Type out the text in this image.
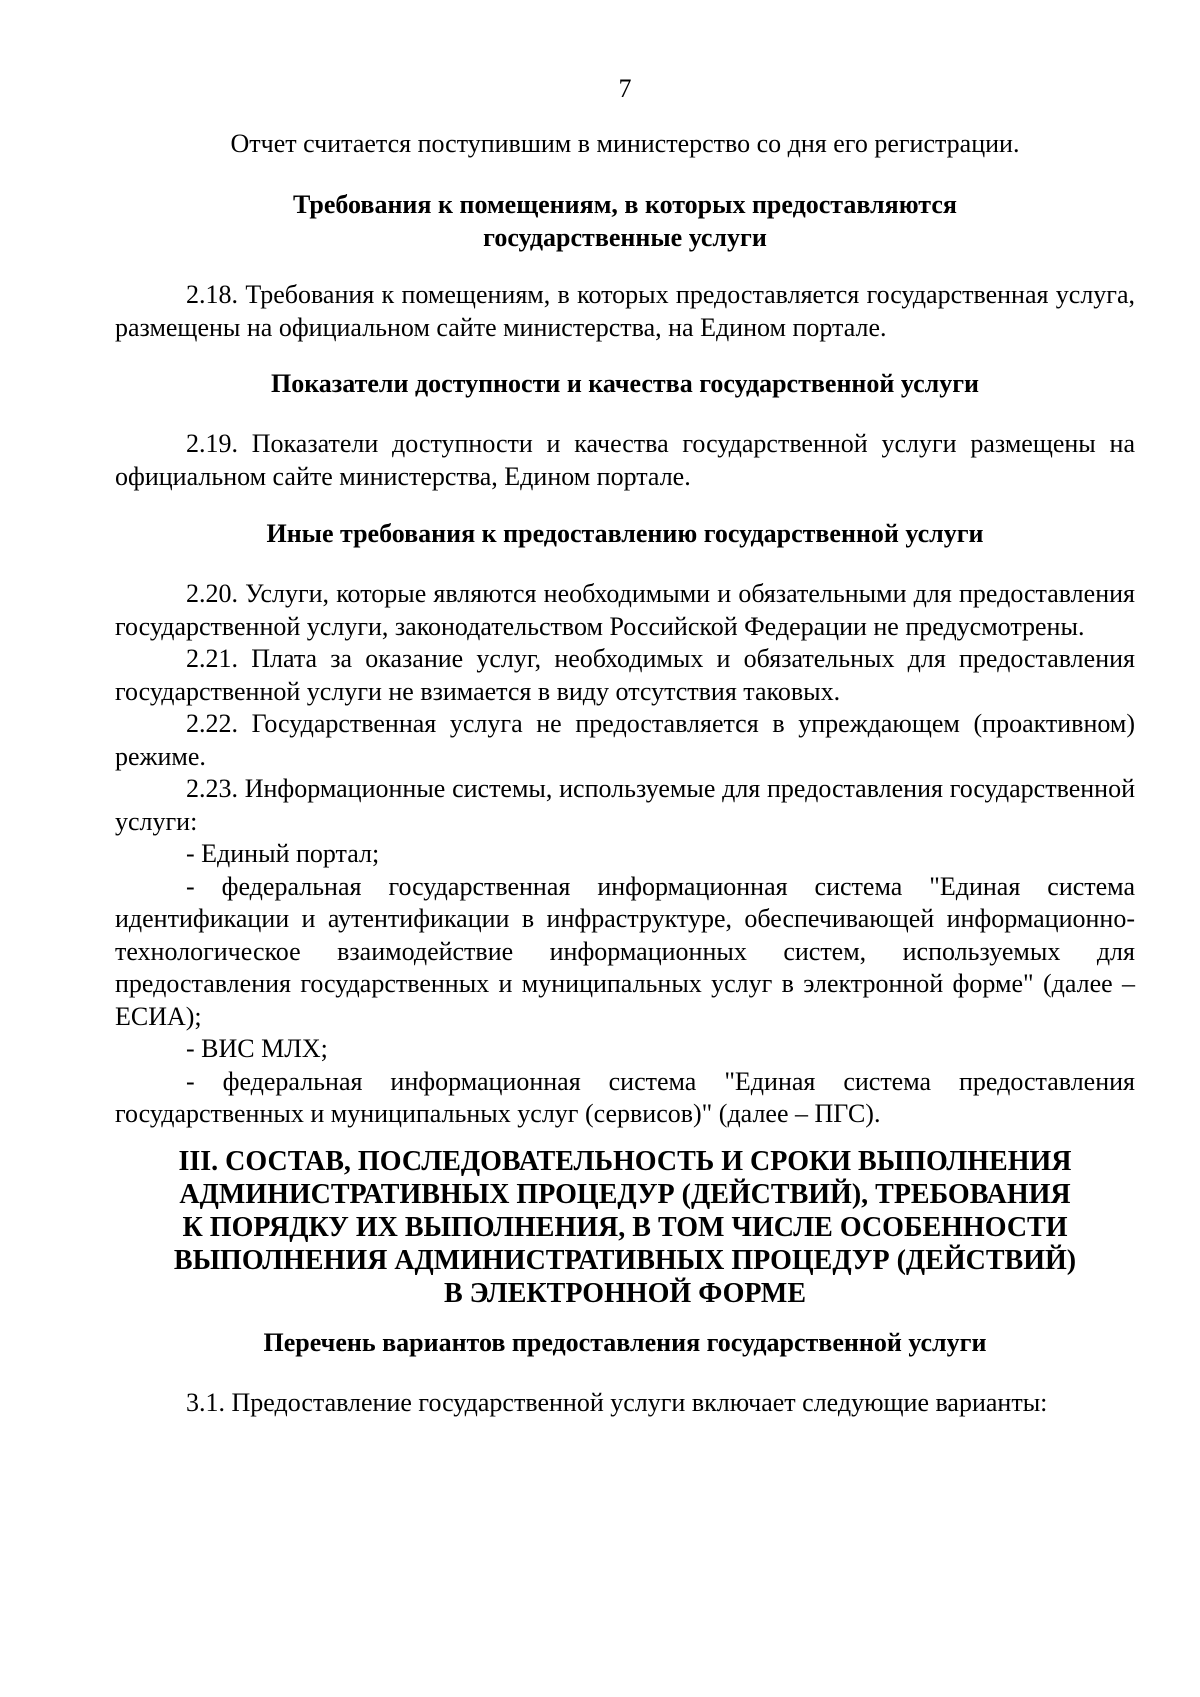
7

Отчет считается поступившим в министерство со дня его регистрации.

Требования к помещениям, в которых предоставляются

государственные услуги

2.18. Требования к помещениям, в которых предоставляется государственная услуга, размещены на официальном сайте министерства, на Едином портале.

Показатели доступности и качества государственной услуги

2.19. Показатели доступности и качества государственной услуги размещены на официальном сайте министерства, Едином портале.

Иные требования к предоставлению государственной услуги

2.20. Услуги, которые являются необходимыми и обязательными для предоставления государственной услуги, законодательством Российской Федерации не предусмотрены.

2.21. Плата за оказание услуг, необходимых и обязательных для предоставления государственной услуги не взимается в виду отсутствия таковых.

2.22. Государственная услуга не предоставляется в упреждающем (проактивном) режиме.

2.23. Информационные системы, используемые для предоставления государственной услуги:

- Единый портал;

- федеральная государственная информационная система "Единая система идентификации и аутентификации в инфраструктуре, обеспечивающей информационно-технологическое взаимодействие информационных систем, используемых для предоставления государственных и муниципальных услуг в электронной форме" (далее – ЕСИА);

- ВИС МЛХ;

- федеральная информационная система "Единая система предоставления государственных и муниципальных услуг (сервисов)" (далее – ПГС).

III. СОСТАВ, ПОСЛЕДОВАТЕЛЬНОСТЬ И СРОКИ ВЫПОЛНЕНИЯ
АДМИНИСТРАТИВНЫХ ПРОЦЕДУР (ДЕЙСТВИЙ), ТРЕБОВАНИЯ
К ПОРЯДКУ ИХ ВЫПОЛНЕНИЯ, В ТОМ ЧИСЛЕ ОСОБЕННОСТИ
ВЫПОЛНЕНИЯ АДМИНИСТРАТИВНЫХ ПРОЦЕДУР (ДЕЙСТВИЙ)
В ЭЛЕКТРОННОЙ ФОРМЕ

Перечень вариантов предоставления государственной услуги

3.1. Предоставление государственной услуги включает следующие варианты:
